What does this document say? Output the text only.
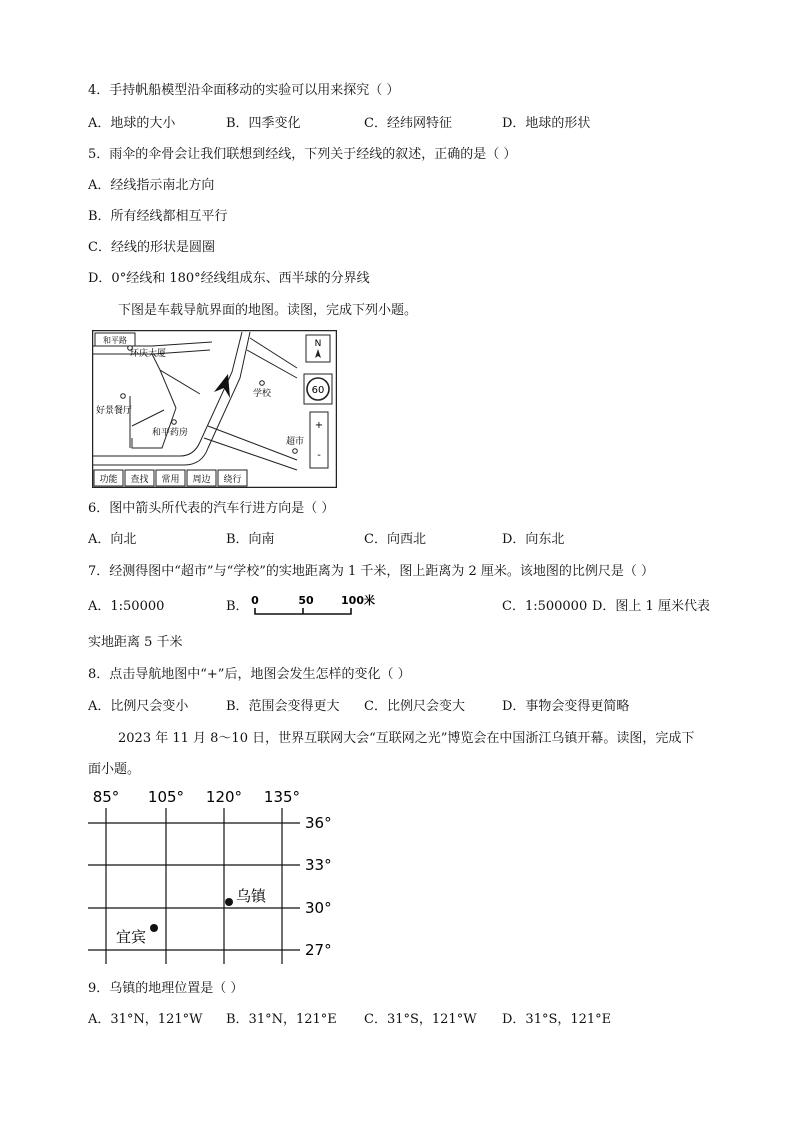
4．手持帆船模型沿伞面移动的实验可以用来探究（ ）
A．地球的大小	B．四季变化	C．经纬网特征	D．地球的形状
5．雨伞的伞骨会让我们联想到经线，下列关于经线的叙述，正确的是（ ）
A．经线指示南北方向
B．所有经线都相互平行
C．经线的形状是圆圈
D．0°经线和 180°经线组成东、西半球的分界线
下图是车载导航界面的地图。读图，完成下列小题。
和平路
环庆大厦
好景餐厅
和平药房
学校
超市
N
60
+
-
功能 查找 常用 周边 绕行
6．图中箭头所代表的汽车行进方向是（ ）
A．向北	B．向南	C．向西北	D．向东北
7．经测得图中“超市”与“学校”的实地距离为 1 千米，图上距离为 2 厘米。该地图的比例尺是（ ）
A．1:50000	B． 0	50 100米	C．1:500000 D．图上 1 厘米代表
实地距离 5 千米
8．点击导航地图中“+”后，地图会发生怎样的变化（ ）
A．比例尺会变小	B．范围会变得更大 C．比例尺会变大	D．事物会变得更简略
2023 年 11 月 8～10 日，世界互联网大会“互联网之光”博览会在中国浙江乌镇开幕。读图，完成下
面小题。
85° 105° 120° 135°
36°
33°
30°
27°
乌镇
宜宾
9．乌镇的地理位置是（ ）
A．31°N，121°W B．31°N，121°E C．31°S，121°W D．31°S，121°E
